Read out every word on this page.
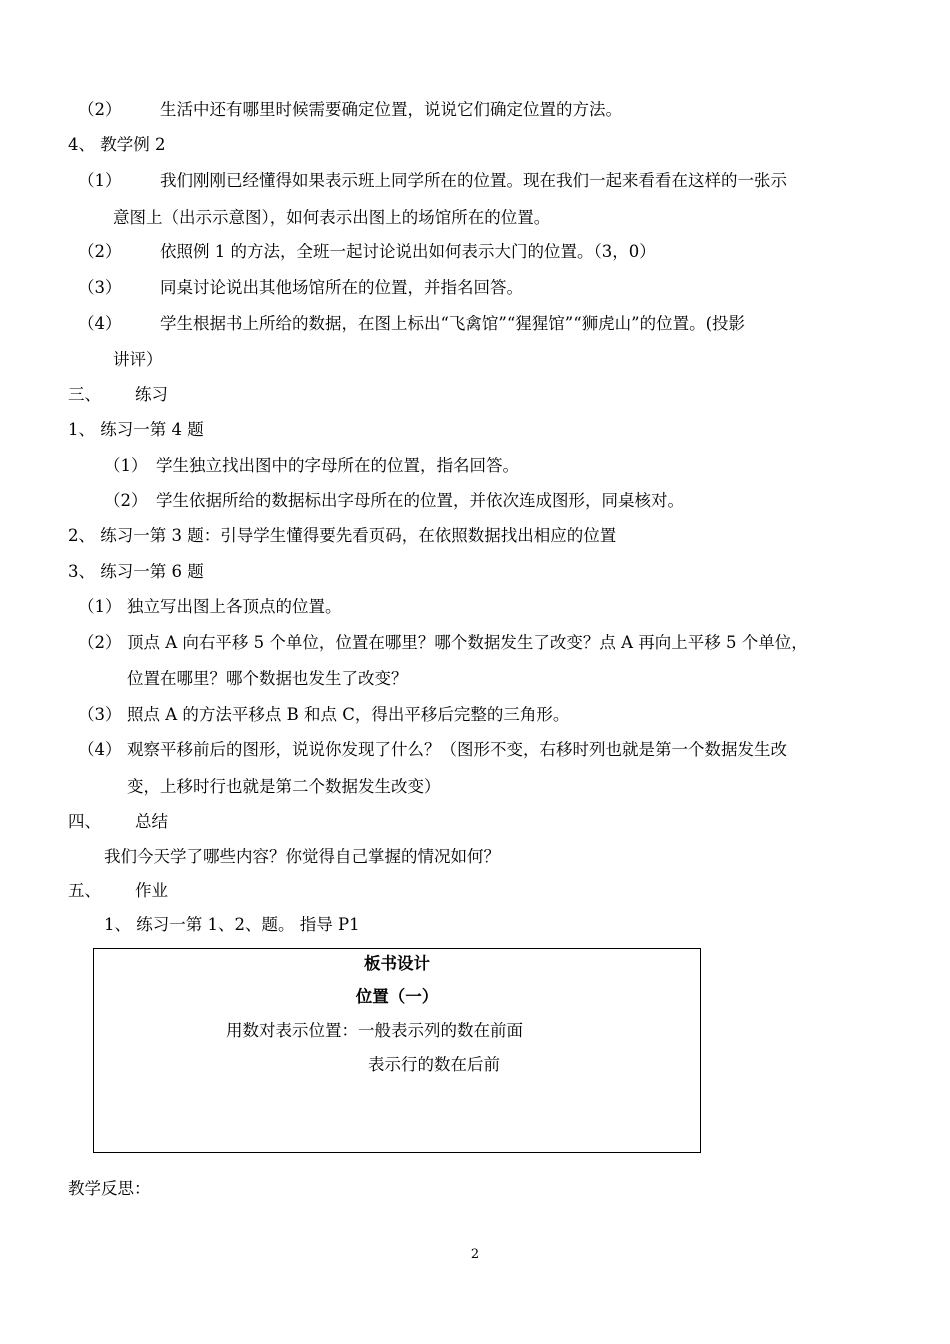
（2） 生活中还有哪里时候需要确定位置，说说它们确定位置的方法。
4、 教学例 2
（1） 我们刚刚已经懂得如果表示班上同学所在的位置。现在我们一起来看看在这样的一张示
意图上（出示示意图），如何表示出图上的场馆所在的位置。
（2） 依照例 1 的方法，全班一起讨论说出如何表示大门的位置。（3，0）
（3） 同桌讨论说出其他场馆所在的位置，并指名回答。
（4） 学生根据书上所给的数据，在图上标出“飞禽馆”“猩猩馆”“狮虎山”的位置。(投影
讲评）
三、 练习
1、 练习一第 4 题
（1） 学生独立找出图中的字母所在的位置，指名回答。
（2） 学生依据所给的数据标出字母所在的位置，并依次连成图形，同桌核对。
2、 练习一第 3 题：引导学生懂得要先看页码，在依照数据找出相应的位置
3、 练习一第 6 题
（1） 独立写出图上各顶点的位置。
（2） 顶点 A 向右平移 5 个单位，位置在哪里？哪个数据发生了改变？点 A 再向上平移 5 个单位，
位置在哪里？哪个数据也发生了改变？
（3） 照点 A 的方法平移点 B 和点 C，得出平移后完整的三角形。
（4） 观察平移前后的图形，说说你发现了什么？（图形不变，右移时列也就是第一个数据发生改
变，上移时行也就是第二个数据发生改变）
四、 总结
我们今天学了哪些内容？你觉得自己掌握的情况如何？
五、 作业
1、 练习一第 1、2、题。 指导 P1
板书设计
位置（一）
用数对表示位置：一般表示列的数在前面
表示行的数在后前
教学反思：
2
